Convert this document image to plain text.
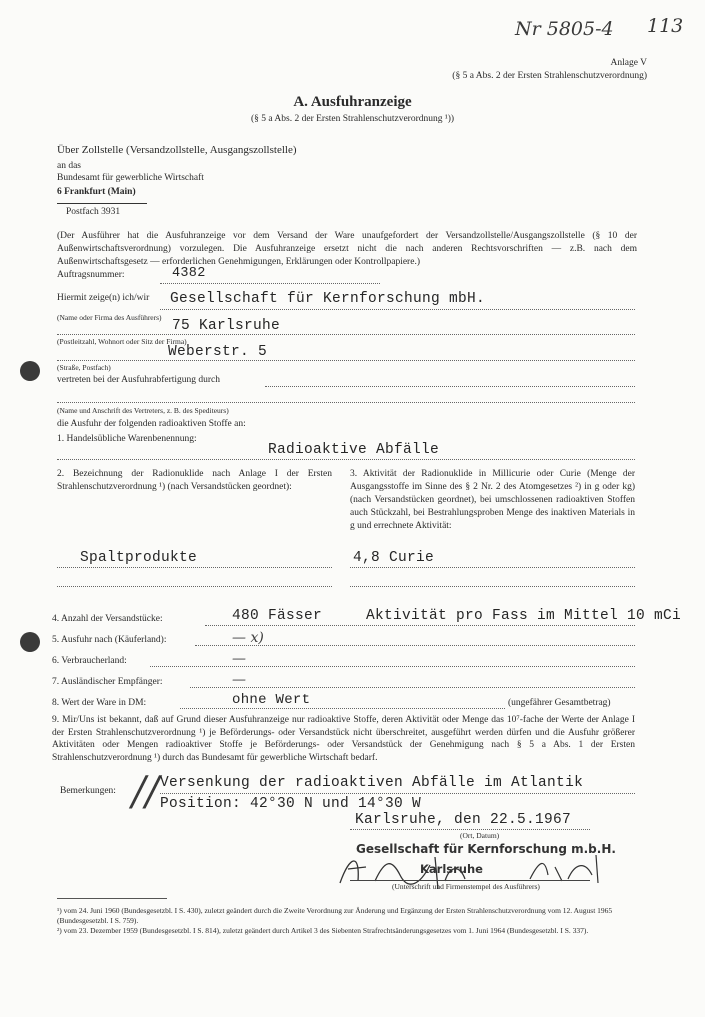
Nr 5805-4 113
Anlage V
(§ 5 a Abs. 2 der Ersten Strahlenschutzverordnung)
A. Ausfuhranzeige
(§ 5 a Abs. 2 der Ersten Strahlenschutzverordnung ¹))
Über Zollstelle (Versandzollstelle, Ausgangszollstelle)
an das
Bundesamt für gewerbliche Wirtschaft
6 Frankfurt (Main)
Postfach 3931
(Der Ausführer hat die Ausfuhranzeige vor dem Versand der Ware unaufgefordert der Versandzollstelle/Ausgangszollstelle (§ 10 der Außenwirtschaftsverordnung) vorzulegen. Die Ausfuhranzeige ersetzt nicht die nach anderen Rechtsvorschriften — z.B. nach dem Außenwirtschaftsgesetz — erforderlichen Genehmigungen, Erklärungen oder Kontrollpapiere.)
Auftragsnummer:	4382
Hiermit zeige(n) ich/wir Gesellschaft für Kernforschung mbH.
(Name oder Firma des Ausführers)
75 Karlsruhe
(Postleitzahl, Wohnort oder Sitz der Firma)
Weberstr. 5
(Straße, Postfach)
vertreten bei der Ausfuhrabfertigung durch
(Name und Anschrift des Vertreters, z. B. des Spediteurs)
die Ausfuhr der folgenden radioaktiven Stoffe an:
1. Handelsübliche Warenbenennung:
Radioaktive Abfälle
2. Bezeichnung der Radionuklide nach Anlage I der Ersten Strahlenschutzverordnung ¹) (nach Versandstücken geordnet):
3. Aktivität der Radionuklide in Millicurie oder Curie (Menge der Ausgangsstoffe im Sinne des § 2 Nr. 2 des Atomgesetzes ²) in g oder kg) (nach Versandstücken geordnet), bei umschlossenen radioaktiven Stoffen auch Stückzahl, bei Bestrahlungsproben Menge des inaktiven Materials in g und errechnete Aktivität:
Spaltprodukte	4,8 Curie
4. Anzahl der Versandstücke:	480 Fässer	Aktivität pro Fass im Mittel 10 mCi
5. Ausfuhr nach (Käuferland):	— x)
6. Verbraucherland:	—
7. Ausländischer Empfänger:	—
8. Wert der Ware in DM:	ohne Wert	(ungefährer Gesamtbetrag)
9. Mir/Uns ist bekannt, daß auf Grund dieser Ausfuhranzeige nur radioaktive Stoffe, deren Aktivität oder Menge das 10⁷-fache der Werte der Anlage I der Ersten Strahlenschutzverordnung ¹) je Beförderungs- oder Versandstück nicht überschreitet, ausgeführt werden dürfen und die Ausfuhr größerer Aktivitäten oder Mengen radioaktiver Stoffe je Beförderungs- oder Versandstück der Genehmigung nach § 5 a Abs. 1 der Ersten Strahlenschutzverordnung ¹) durch das Bundesamt für gewerbliche Wirtschaft bedarf.
Bemerkungen: // Versenkung der radioaktiven Abfälle im Atlantik
Position: 42°30 N und 14°30 W
Karlsruhe, den 22.5.1967
(Ort, Datum)
Gesellschaft für Kernforschung m.b.H.
Karlsruhe
(Unterschrift und Firmenstempel des Ausführers)
¹) vom 24. Juni 1960 (Bundesgesetzbl. I S. 430), zuletzt geändert durch die Zweite Verordnung zur Änderung und Ergänzung der Ersten Strahlenschutzverordnung vom 12. August 1965 (Bundesgesetzbl. I S. 759).
²) vom 23. Dezember 1959 (Bundesgesetzbl. I S. 814), zuletzt geändert durch Artikel 3 des Siebenten Strafrechtsänderungsgesetzes vom 1. Juni 1964 (Bundesgesetzbl. I S. 337).
